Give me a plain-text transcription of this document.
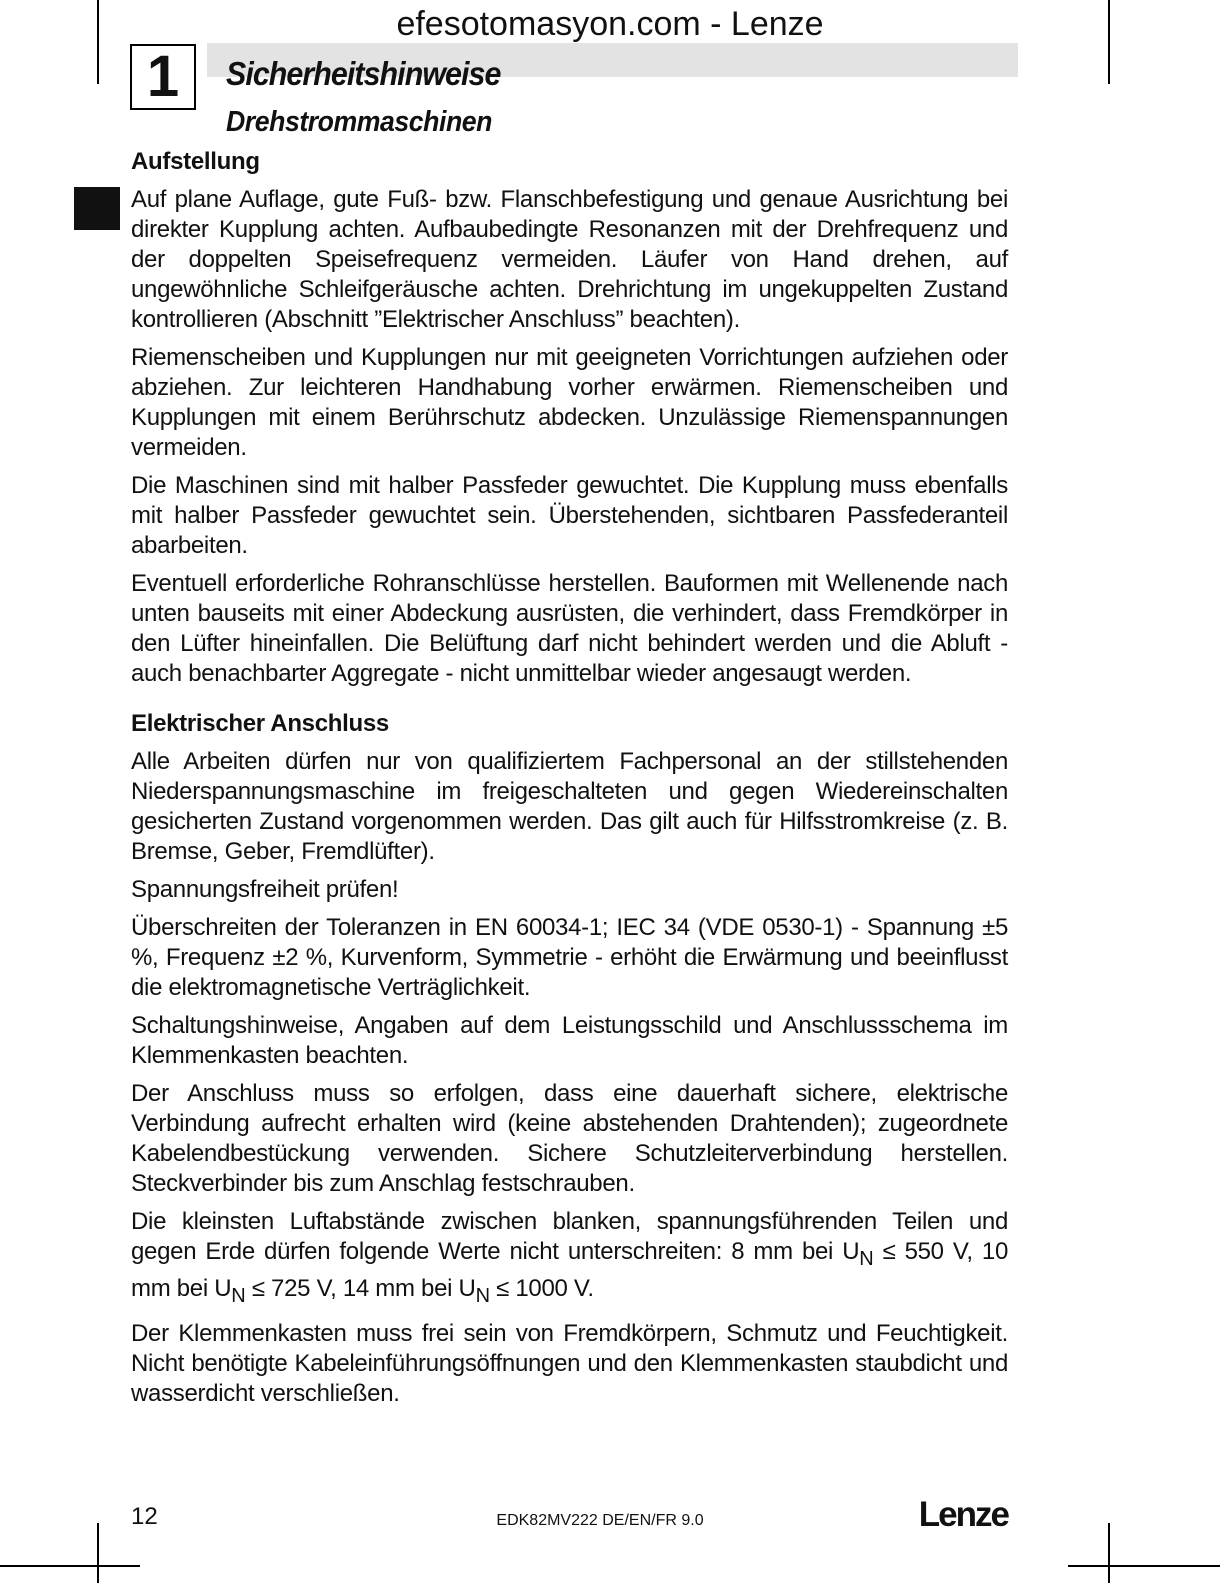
efesotomasyon.com - Lenze
1	Sicherheitshinweise
Drehstrommaschinen
Aufstellung

Auf plane Auflage, gute Fuß- bzw. Flanschbefestigung und genaue Ausrichtung bei direkter Kupplung achten. Aufbaubedingte Resonanzen mit der Drehfrequenz und der doppelten Speisefrequenz vermeiden. Läufer von Hand drehen, auf ungewöhnliche Schleifgeräusche achten. Drehrichtung im ungekuppelten Zustand kontrollieren (Abschnitt ”Elektrischer Anschluss” beachten).

Riemenscheiben und Kupplungen nur mit geeigneten Vorrichtungen aufziehen oder abziehen. Zur leichteren Handhabung vorher erwärmen. Riemenscheiben und Kupplungen mit einem Berührschutz abdecken. Unzulässige Riemenspannungen vermeiden.

Die Maschinen sind mit halber Passfeder gewuchtet. Die Kupplung muss ebenfalls mit halber Passfeder gewuchtet sein. Überstehenden, sichtbaren Passfederanteil abarbeiten.

Eventuell erforderliche Rohranschlüsse herstellen. Bauformen mit Wellenende nach unten bauseits mit einer Abdeckung ausrüsten, die verhindert, dass Fremdkörper in den Lüfter hineinfallen. Die Belüftung darf nicht behindert werden und die Abluft - auch benachbarter Aggregate - nicht unmittelbar wieder angesaugt werden.

Elektrischer Anschluss

Alle Arbeiten dürfen nur von qualifiziertem Fachpersonal an der stillstehenden Niederspannungsmaschine im freigeschalteten und gegen Wiedereinschalten gesicherten Zustand vorgenommen werden. Das gilt auch für Hilfsstromkreise (z. B. Bremse, Geber, Fremdlüfter).

Spannungsfreiheit prüfen!

Überschreiten der Toleranzen in EN 60034-1; IEC 34 (VDE 0530-1) - Spannung ±5 %, Frequenz ±2 %, Kurvenform, Symmetrie - erhöht die Erwärmung und beeinflusst die elektromagnetische Verträglichkeit.

Schaltungshinweise, Angaben auf dem Leistungsschild und Anschlussschema im Klemmenkasten beachten.

Der Anschluss muss so erfolgen, dass eine dauerhaft sichere, elektrische Verbindung aufrecht erhalten wird (keine abstehenden Drahtenden); zugeordnete Kabelendbestückung verwenden. Sichere Schutzleiterverbindung herstellen. Steckverbinder bis zum Anschlag festschrauben.

Die kleinsten Luftabstände zwischen blanken, spannungsführenden Teilen und gegen Erde dürfen folgende Werte nicht unterschreiten: 8 mm bei $U_N \le 550$ V, 10 mm bei $U_N \le 725$ V, 14 mm bei $U_N \le 1000$ V.

Der Klemmenkasten muss frei sein von Fremdkörpern, Schmutz und Feuchtigkeit. Nicht benötigte Kabeleinführungsöffnungen und den Klemmenkasten staubdicht und wasserdicht verschließen.

12	EDK82MV222 DE/EN/FR 9.0	Lenze
